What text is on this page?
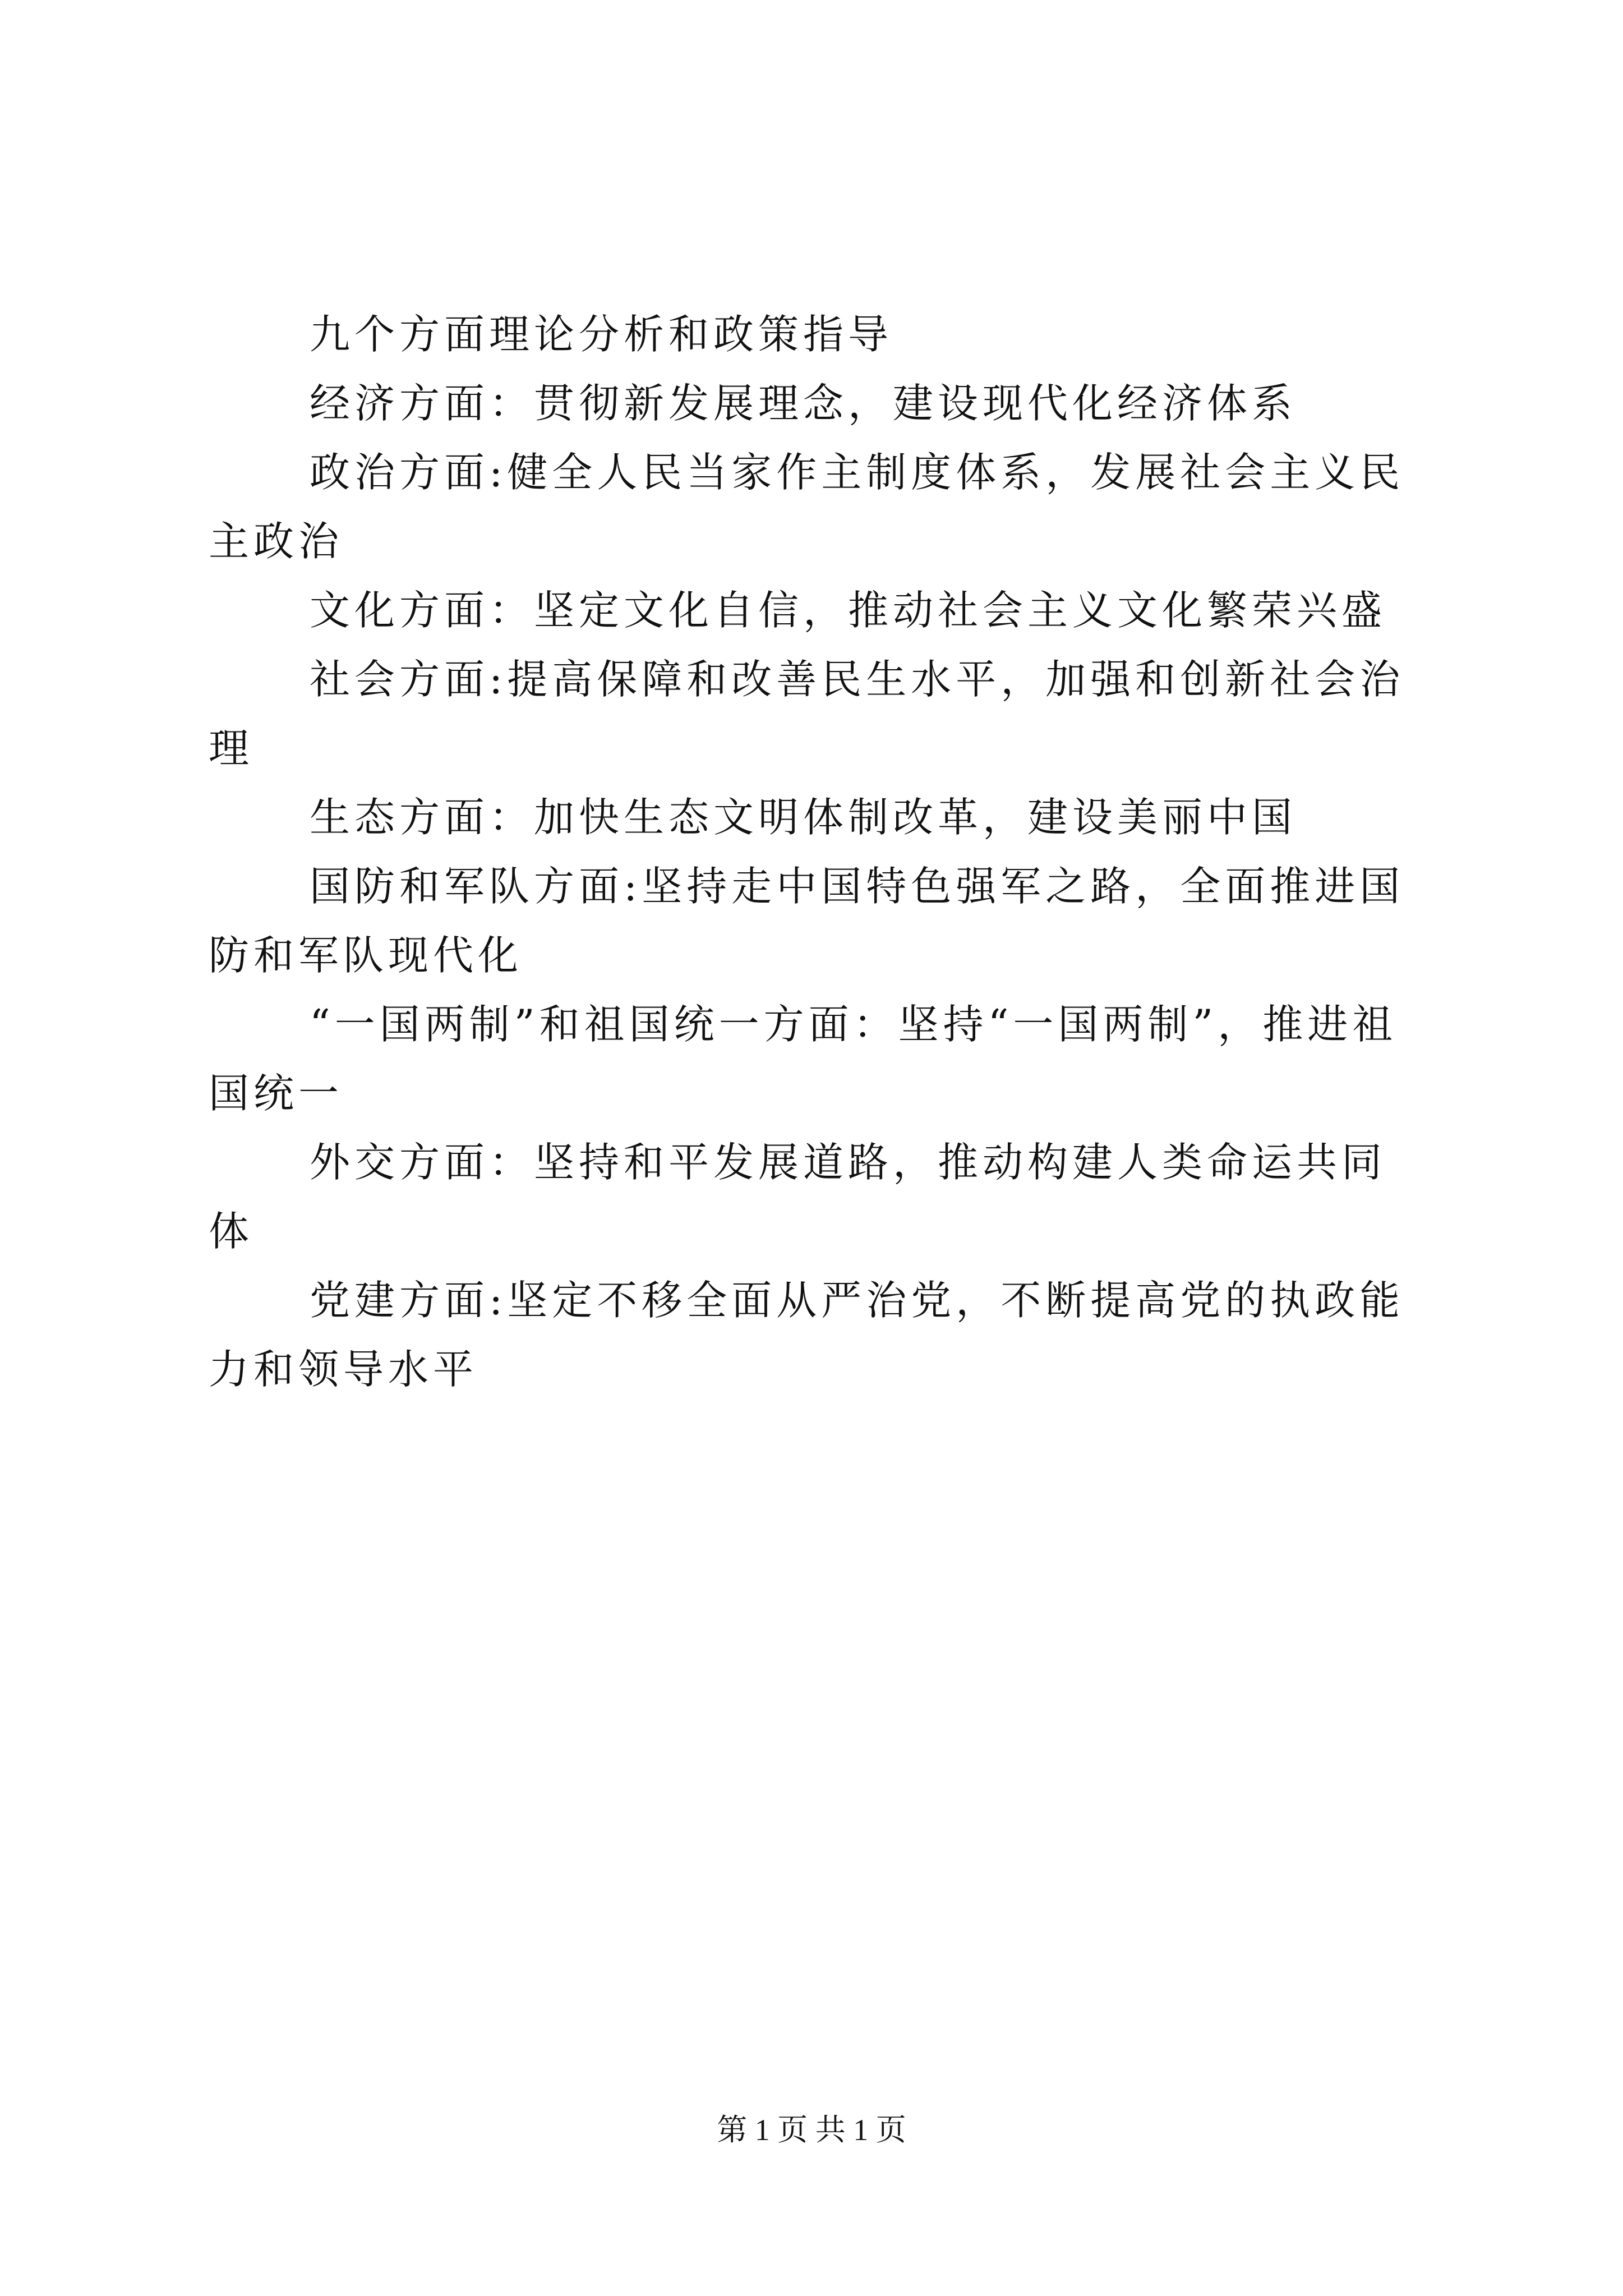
九个方面理论分析和政策指导

经济方面：贯彻新发展理念，建设现代化经济体系

政治方面:健全人民当家作主制度体系，发展社会主义民主政治

文化方面：坚定文化自信，推动社会主义文化繁荣兴盛

社会方面:提高保障和改善民生水平，加强和创新社会治理

生态方面：加快生态文明体制改革，建设美丽中国

国防和军队方面:坚持走中国特色强军之路，全面推进国防和军队现代化

“一国两制”和祖国统一方面：坚持“一国两制”，推进祖国统一

外交方面：坚持和平发展道路，推动构建人类命运共同体

党建方面:坚定不移全面从严治党，不断提高党的执政能力和领导水平

第 1 页 共 1 页
